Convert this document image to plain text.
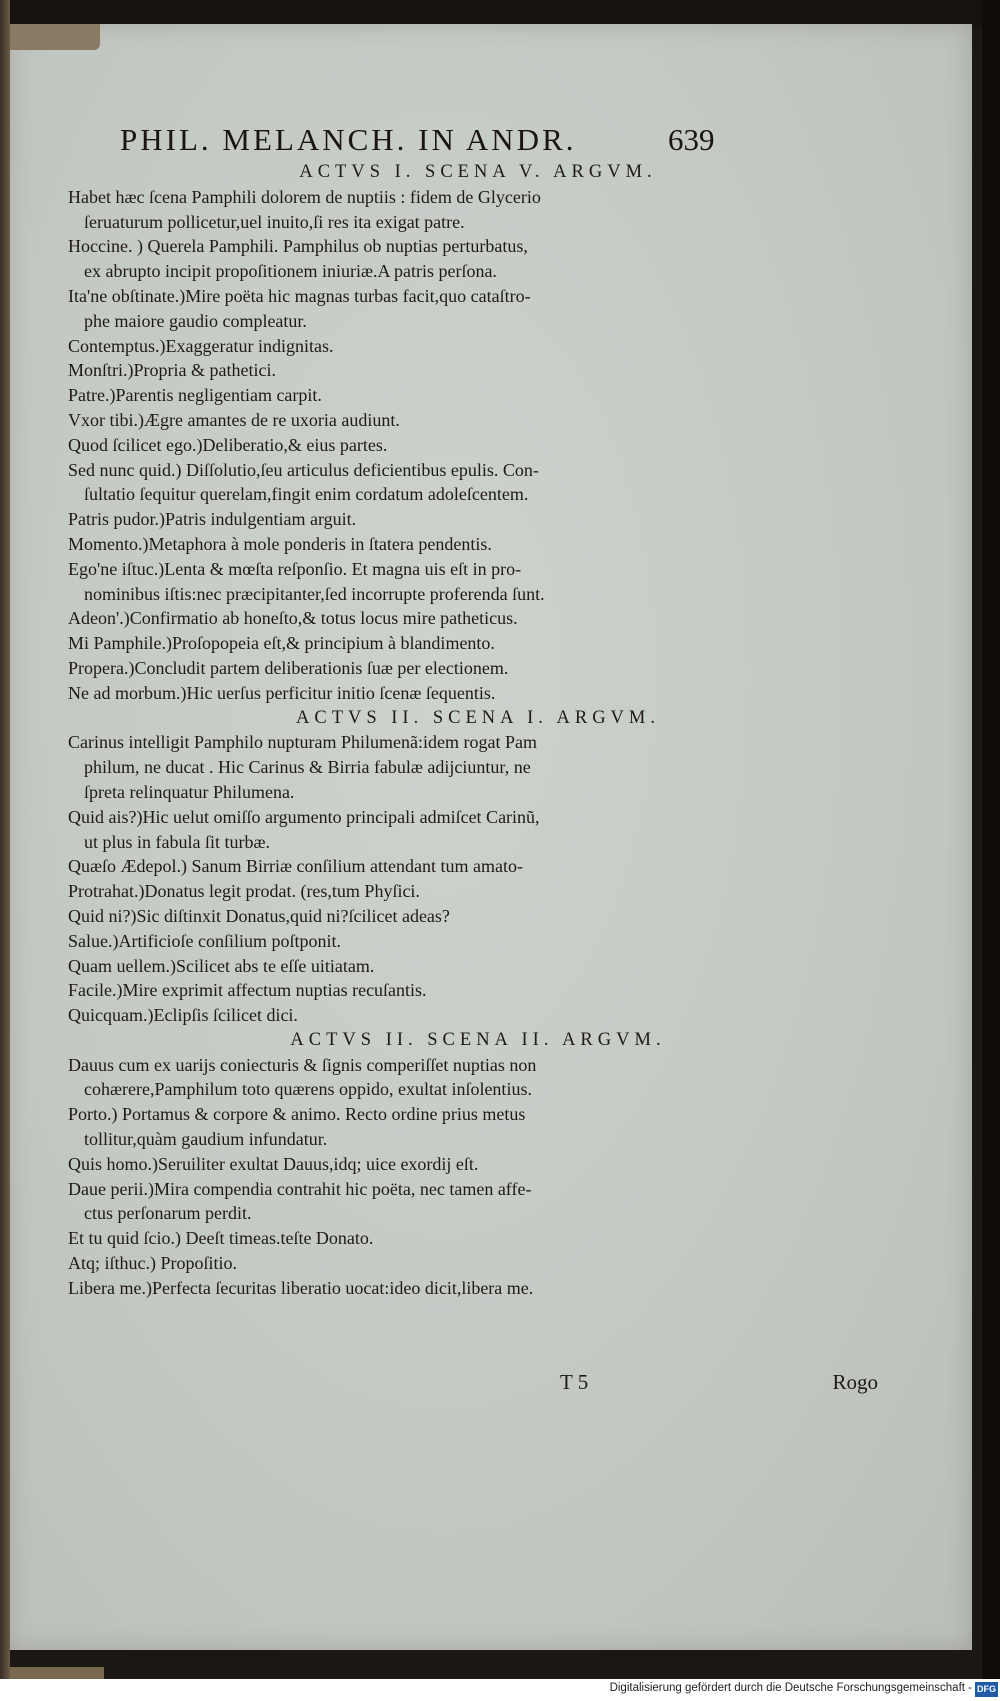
PHIL. MELANCH. IN ANDR.	639
ACTVS I. SCENA V. ARGVM.
Habet hæc ſcena Pamphili dolorem de nuptiis : fidem de Glycerio
ſeruaturum pollicetur,uel inuito,ſi res ita exigat patre.
Hoccine. ) Querela Pamphili. Pamphilus ob nuptias perturbatus,
ex abrupto incipit propoſitionem iniuriæ.A patris perſona.
Ita'ne obſtinate.)Mire poëta hic magnas turbas facit,quo cataſtro-
phe maiore gaudio compleatur.
Contemptus.)Exaggeratur indignitas.
Monſtri.)Propria & pathetici.
Patre.)Parentis negligentiam carpit.
Vxor tibi.)Ægre amantes de re uxoria audiunt.
Quod ſcilicet ego.)Deliberatio,& eius partes.
Sed nunc quid.) Diſſolutio,ſeu articulus deficientibus epulis. Con-
ſultatio ſequitur querelam,fingit enim cordatum adoleſcentem.
Patris pudor.)Patris indulgentiam arguit.
Momento.)Metaphora à mole ponderis in ſtatera pendentis.
Ego'ne iſtuc.)Lenta & mœſta reſponſio. Et magna uis eſt in pro-
nominibus iſtis:nec præcipitanter,ſed incorrupte proferenda ſunt.
Adeon'.)Confirmatio ab honeſto,& totus locus mire patheticus.
Mi Pamphile.)Proſopopeia eſt,& principium à blandimento.
Propera.)Concludit partem deliberationis ſuæ per electionem.
Ne ad morbum.)Hic uerſus perficitur initio ſcenæ ſequentis.
ACTVS II. SCENA I. ARGVM.
Carinus intelligit Pamphilo nupturam Philumenã:idem rogat Pam
philum, ne ducat . Hic Carinus & Birria fabulæ adijciuntur, ne
ſpreta relinquatur Philumena.
Quid ais?)Hic uelut omiſſo argumento principali admiſcet Carinũ,
ut plus in fabula ſit turbæ.
Quæſo Ædepol.) Sanum Birriæ conſilium attendant tum amato-
Protrahat.)Donatus legit prodat. (res,tum Phyſici.
Quid ni?)Sic diſtinxit Donatus,quid ni?ſcilicet adeas?
Salue.)Artificioſe conſilium poſtponit.
Quam uellem.)Scilicet abs te eſſe uitiatam.
Facile.)Mire exprimit affectum nuptias recuſantis.
Quicquam.)Eclipſis ſcilicet dici.
ACTVS II. SCENA II. ARGVM.
Dauus cum ex uarijs coniecturis & ſignis comperiſſet nuptias non
cohærere,Pamphilum toto quærens oppido, exultat inſolentius.
Porto.) Portamus & corpore & animo. Recto ordine prius metus
tollitur,quàm gaudium infundatur.
Quis homo.)Seruiliter exultat Dauus,idq; uice exordij eſt.
Daue perii.)Mira compendia contrahit hic poëta, nec tamen affe-
ctus perſonarum perdit.
Et tu quid ſcio.) Deeſt timeas.teſte Donato.
Atq; iſthuc.) Propoſitio.
Libera me.)Perfecta ſecuritas liberatio uocat:ideo dicit,libera me.
T 5	Rogo
Digitalisierung gefördert durch die Deutsche Forschungsgemeinschaft - DFG
